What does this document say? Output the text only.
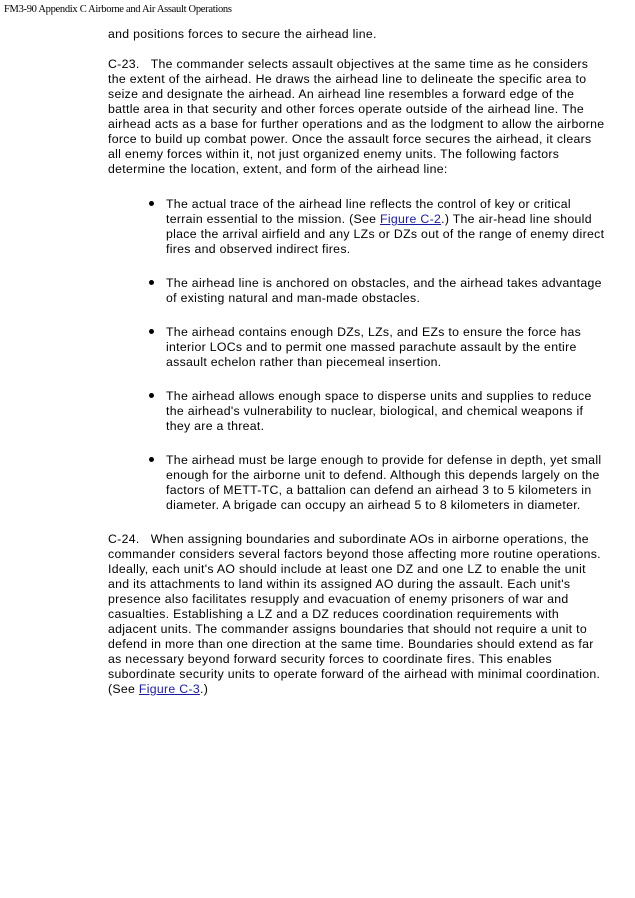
FM3-90 Appendix C Airborne and Air Assault Operations

and positions forces to secure the airhead line.

C-23. The commander selects assault objectives at the same time as he considers the extent of the airhead. He draws the airhead line to delineate the specific area to seize and designate the airhead. An airhead line resembles a forward edge of the battle area in that security and other forces operate outside of the airhead line. The airhead acts as a base for further operations and as the lodgment to allow the airborne force to build up combat power. Once the assault force secures the airhead, it clears all enemy forces within it, not just organized enemy units. The following factors determine the location, extent, and form of the airhead line:

The actual trace of the airhead line reflects the control of key or critical terrain essential to the mission. (See Figure C-2.) The air-head line should place the arrival airfield and any LZs or DZs out of the range of enemy direct fires and observed indirect fires.
The airhead line is anchored on obstacles, and the airhead takes advantage of existing natural and man-made obstacles.
The airhead contains enough DZs, LZs, and EZs to ensure the force has interior LOCs and to permit one massed parachute assault by the entire assault echelon rather than piecemeal insertion.
The airhead allows enough space to disperse units and supplies to reduce the airhead's vulnerability to nuclear, biological, and chemical weapons if they are a threat.
The airhead must be large enough to provide for defense in depth, yet small enough for the airborne unit to defend. Although this depends largely on the factors of METT-TC, a battalion can defend an airhead 3 to 5 kilometers in diameter. A brigade can occupy an airhead 5 to 8 kilometers in diameter.

C-24. When assigning boundaries and subordinate AOs in airborne operations, the commander considers several factors beyond those affecting more routine operations. Ideally, each unit's AO should include at least one DZ and one LZ to enable the unit and its attachments to land within its assigned AO during the assault. Each unit's presence also facilitates resupply and evacuation of enemy prisoners of war and casualties. Establishing a LZ and a DZ reduces coordination requirements with adjacent units. The commander assigns boundaries that should not require a unit to defend in more than one direction at the same time. Boundaries should extend as far as necessary beyond forward security forces to coordinate fires. This enables subordinate security units to operate forward of the airhead with minimal coordination. (See Figure C-3.)
